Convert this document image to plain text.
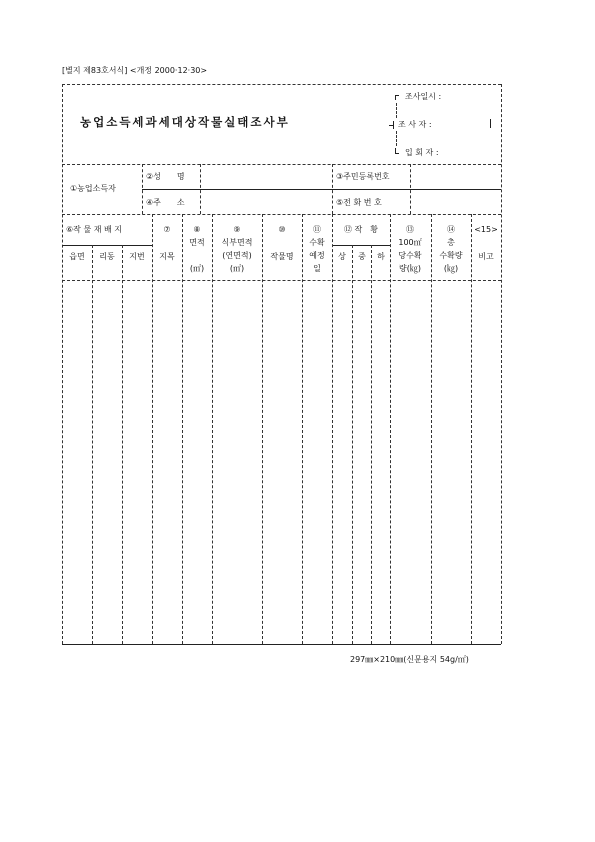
[별지 제83호서식] <개정 2000·12·30>
농업소득세과세대상작물실태조사부
조사일시 :
조 사 자 :
입 회 자 :
①농업소득자
②성　　명
④주　　소
③주민등록번호
⑤전 화 번 호
⑥작 물 재 배 지
읍면 리동 지번
⑦
지목
⑧
면적
(㎡)
⑨
식부면적
(연면적)
(㎡)
⑩
작물명
⑪
수확
예정
일
⑫ 작　황
상 중 하
⑬
100㎡
당수확
량(㎏)
⑭
총
수확량
(㎏)
<15>
비고
297㎜×210㎜(신문용지 54g/㎡)
